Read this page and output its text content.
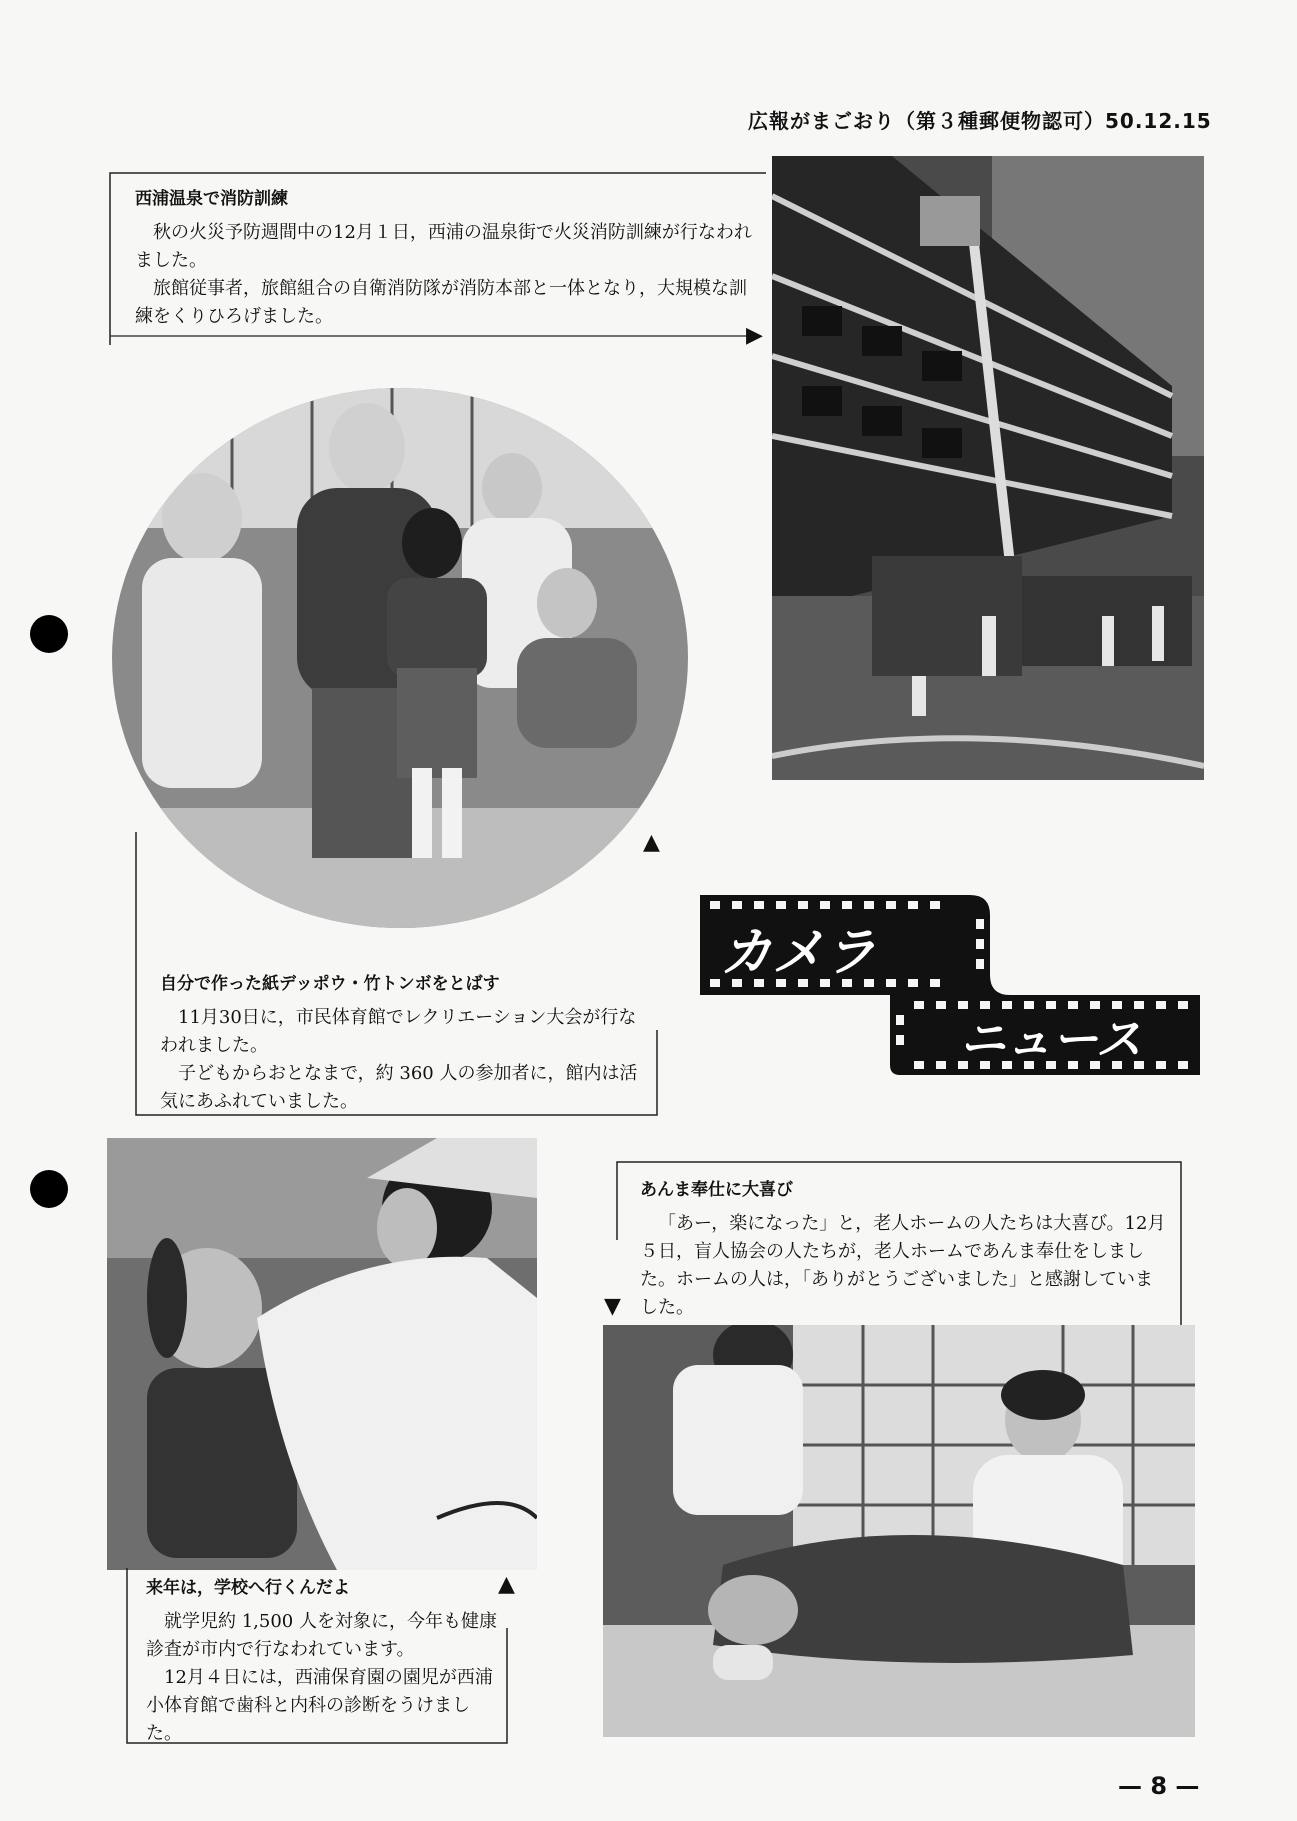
広報がまごおり（第３種郵便物認可）50.12.15
西浦温泉で消防訓練
秋の火災予防週間中の12月１日，西浦の温泉街で火災消防訓練が行なわれました。
旅館従事者，旅館組合の自衛消防隊が消防本部と一体となり，大規模な訓練をくりひろげました。
▶
▲
自分で作った紙デッポウ・竹トンボをとばす
11月30日に，市民体育館でレクリエーション大会が行なわれました。
子どもからおとなまで，約 360 人の参加者に，館内は活気にあふれていました。
カメラ
ニュース
▲
来年は，学校へ行くんだよ
就学児約 1,500 人を対象に，今年も健康診査が市内で行なわれています。
12月４日には，西浦保育園の園児が西浦小体育館で歯科と内科の診断をうけました。
▼
あんま奉仕に大喜び
「あー，楽になった」と，老人ホームの人たちは大喜び。12月５日，盲人協会の人たちが，老人ホームであんま奉仕をしました。ホームの人は，「ありがとうございました」と感謝していました。
— 8 —
